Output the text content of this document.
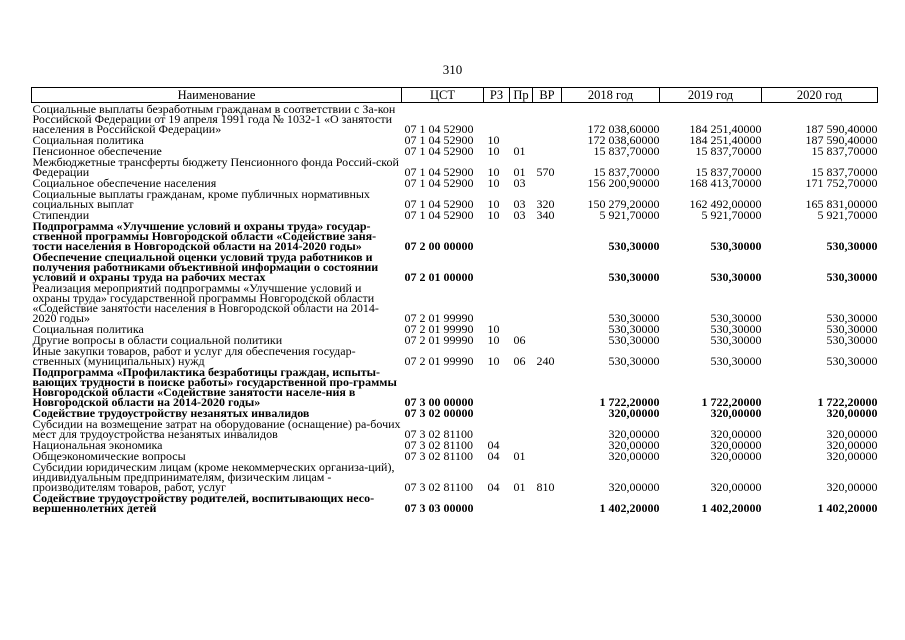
310
Наименование	ЦСТ	РЗ	Пр	ВР	2018 год	2019 год	2020 год
Социальные выплаты безработным гражданам в соответствии с За-кон Российской Федерации от 19 апреля 1991 года № 1032-1 «О занятости населения в Российской Федерации»	07 1 04 52900				172 038,60000	184 251,40000	187 590,40000
Социальная политика	07 1 04 52900	10			172 038,60000	184 251,40000	187 590,40000
Пенсионное обеспечение	07 1 04 52900	10	01		15 837,70000	15 837,70000	15 837,70000
Межбюджетные трансферты бюджету Пенсионного фонда Россий-ской Федерации	07 1 04 52900	10	01	570	15 837,70000	15 837,70000	15 837,70000
Социальное обеспечение населения	07 1 04 52900	10	03		156 200,90000	168 413,70000	171 752,70000
Социальные выплаты гражданам, кроме публичных нормативных социальных выплат	07 1 04 52900	10	03	320	150 279,20000	162 492,00000	165 831,00000
Стипендии	07 1 04 52900	10	03	340	5 921,70000	5 921,70000	5 921,70000
Подпрограмма «Улучшение условий и охраны труда» государ-ственной программы Новгородской области «Содействие заня-тости населения в Новгородской области на 2014-2020 годы»	07 2 00 00000				530,30000	530,30000	530,30000
Обеспечение специальной оценки условий труда работников и получения работниками объективной информации о состоянии условий и охраны труда на рабочих местах	07 2 01 00000				530,30000	530,30000	530,30000
Реализация мероприятий подпрограммы «Улучшение условий и охраны труда» государственной программы Новгородской области «Содействие занятости населения в Новгородской области на 2014-2020 годы»	07 2 01 99990				530,30000	530,30000	530,30000
Социальная политика	07 2 01 99990	10			530,30000	530,30000	530,30000
Другие вопросы в области социальной политики	07 2 01 99990	10	06		530,30000	530,30000	530,30000
Иные закупки товаров, работ и услуг для обеспечения государ-ственных (муниципальных) нужд	07 2 01 99990	10	06	240	530,30000	530,30000	530,30000
Подпрограмма «Профилактика безработицы граждан, испыты-вающих трудности в поиске работы» государственной про-граммы Новгородской области «Содействие занятости населе-ния в Новгородской области на 2014-2020 годы»	07 3 00 00000				1 722,20000	1 722,20000	1 722,20000
Содействие трудоустройству незанятых инвалидов	07 3 02 00000				320,00000	320,00000	320,00000
Субсидии на возмещение затрат на оборудование (оснащение) ра-бочих мест для трудоустройства незанятых инвалидов	07 3 02 81100				320,00000	320,00000	320,00000
Национальная экономика	07 3 02 81100	04			320,00000	320,00000	320,00000
Общеэкономические вопросы	07 3 02 81100	04	01		320,00000	320,00000	320,00000
Субсидии юридическим лицам (кроме некоммерческих организа-ций), индивидуальным предпринимателям, физическим лицам - производителям товаров, работ, услуг	07 3 02 81100	04	01	810	320,00000	320,00000	320,00000
Содействие трудоустройству родителей, воспитывающих несо-вершеннолетних детей	07 3 03 00000				1 402,20000	1 402,20000	1 402,20000
